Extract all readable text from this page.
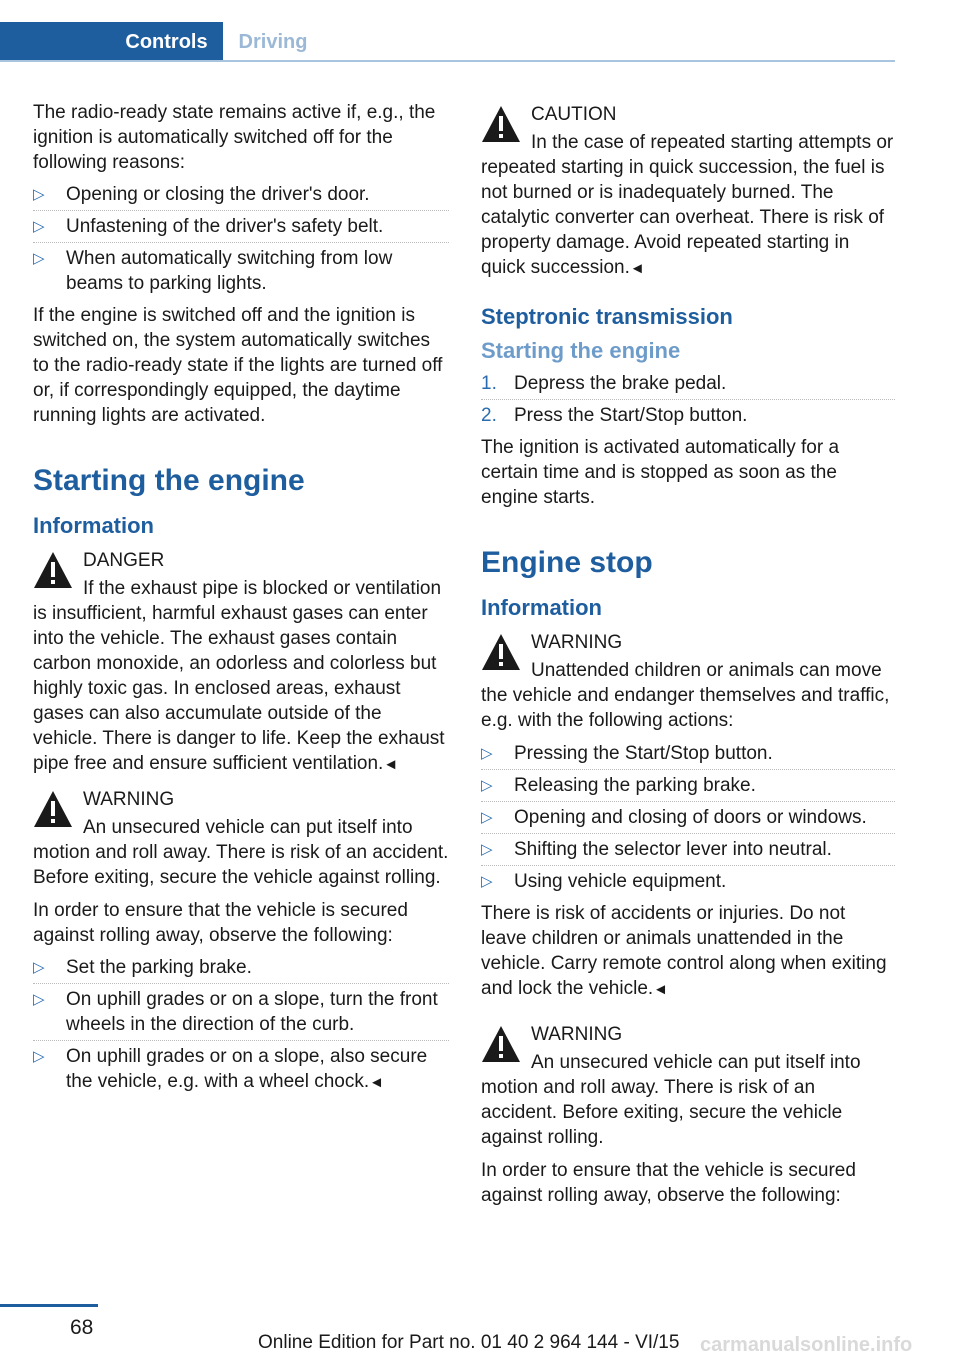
Controls	Driving

The radio-ready state remains active if, e.g., the ignition is automatically switched off for the following reasons:

▷ Opening or closing the driver's door.
▷ Unfastening of the driver's safety belt.
▷ When automatically switching from low beams to parking lights.

If the engine is switched off and the ignition is switched on, the system automatically switches to the radio-ready state if the lights are turned off or, if correspondingly equipped, the daytime running lights are activated.

Starting the engine
Information
DANGER
If the exhaust pipe is blocked or ventilation is insufficient, harmful exhaust gases can enter into the vehicle. The exhaust gases contain carbon monoxide, an odorless and colorless but highly toxic gas. In enclosed areas, exhaust gases can also accumulate outside of the vehicle. There is danger to life. Keep the exhaust pipe free and ensure sufficient ventilation.◄
WARNING
An unsecured vehicle can put itself into motion and roll away. There is risk of an accident. Before exiting, secure the vehicle against rolling.

In order to ensure that the vehicle is secured against rolling away, observe the following:

▷ Set the parking brake.
▷ On uphill grades or on a slope, turn the front wheels in the direction of the curb.
▷ On uphill grades or on a slope, also secure the vehicle, e.g. with a wheel chock.◄
CAUTION
In the case of repeated starting attempts or repeated starting in quick succession, the fuel is not burned or is inadequately burned. The catalytic converter can overheat. There is risk of property damage. Avoid repeated starting in quick succession.◄
Steptronic transmission
Starting the engine
1. Depress the brake pedal.
2. Press the Start/Stop button.

The ignition is activated automatically for a certain time and is stopped as soon as the engine starts.

Engine stop
Information
WARNING
Unattended children or animals can move the vehicle and endanger themselves and traffic, e.g. with the following actions:
▷ Pressing the Start/Stop button.
▷ Releasing the parking brake.
▷ Opening and closing of doors or windows.
▷ Shifting the selector lever into neutral.
▷ Using vehicle equipment.

There is risk of accidents or injuries. Do not leave children or animals unattended in the vehicle. Carry remote control along when exiting and lock the vehicle.◄

WARNING
An unsecured vehicle can put itself into motion and roll away. There is risk of an accident. Before exiting, secure the vehicle against rolling.

In order to ensure that the vehicle is secured against rolling away, observe the following:

68
Online Edition for Part no. 01 40 2 964 144 - VI/15 carmanualsonline.info
